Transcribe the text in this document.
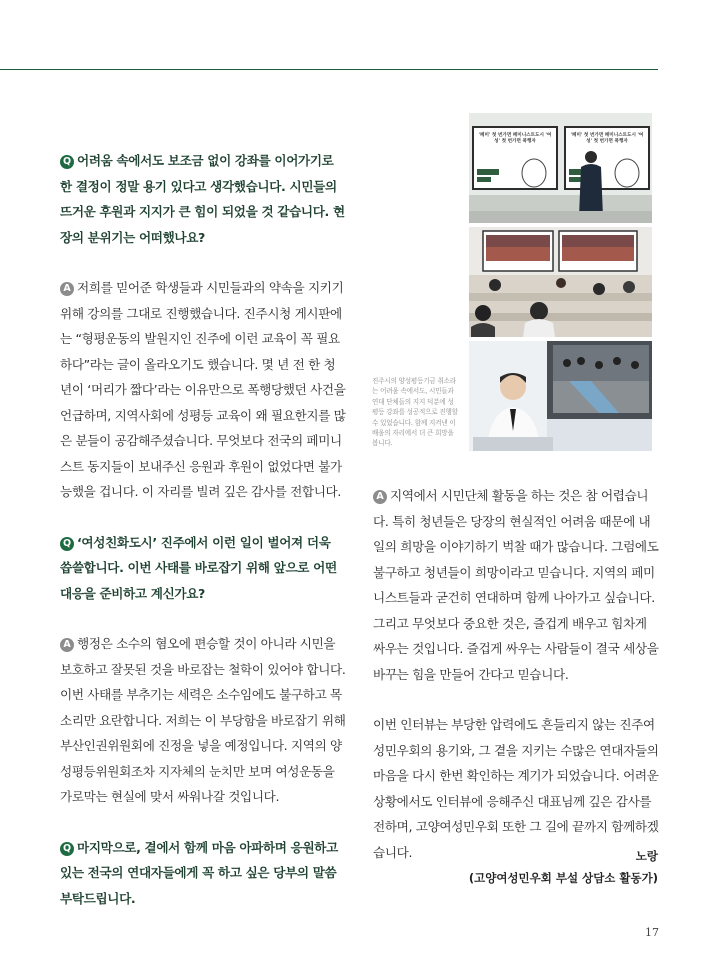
Q 어려움 속에서도 보조금 없이 강좌를 이어가기로 한 결정이 정말 용기 있다고 생각했습니다. 시민들의 뜨거운 후원과 지지가 큰 힘이 되었을 것 같습니다. 현장의 분위기는 어떠했나요?

A 저희를 믿어준 학생들과 시민들과의 약속을 지키기 위해 강의를 그대로 진행했습니다. 진주시청 게시판에는 “형평운동의 발원지인 진주에 이런 교육이 꼭 필요하다”라는 글이 올라오기도 했습니다. 몇 년 전 한 청년이 ‘머리가 짧다’라는 이유만으로 폭행당했던 사건을 언급하며, 지역사회에 성평등 교육이 왜 필요한지를 많은 분들이 공감해주셨습니다. 무엇보다 전국의 페미니스트 동지들이 보내주신 응원과 후원이 없었다면 불가능했을 겁니다. 이 자리를 빌려 깊은 감사를 전합니다.

Q ‘여성친화도시’ 진주에서 이런 일이 벌어져 더욱 씁쓸합니다. 이번 사태를 바로잡기 위해 앞으로 어떤 대응을 준비하고 계신가요?

A 행정은 소수의 혐오에 편승할 것이 아니라 시민을 보호하고 잘못된 것을 바로잡는 철학이 있어야 합니다. 이번 사태를 부추기는 세력은 소수임에도 불구하고 목소리만 요란합니다. 저희는 이 부당함을 바로잡기 위해 부산인권위원회에 진정을 넣을 예정입니다. 지역의 양성평등위원회조차 지자체의 눈치만 보며 여성운동을 가로막는 현실에 맞서 싸워나갈 것입니다.

Q 마지막으로, 곁에서 함께 마음 아파하며 응원하고 있는 전국의 연대자들에게 꼭 하고 싶은 당부의 말씀 부탁드립니다.

'페미' 첫 번가면 페미니스트도시 '여성' 첫 번가면 폭행자
'페미' 첫 번가면 페미니스트도시 '여성' 첫 번가면 폭행자
진주시의 양성평등기금 취소라는 어려움 속에서도, 시민들과 연대 단체들의 지지 덕분에 성평등 강좌를 성공적으로 진행할 수 있었습니다. 함께 지켜낸 이 배움의 자리에서 더 큰 희망을 봅니다.

A 지역에서 시민단체 활동을 하는 것은 참 어렵습니다. 특히 청년들은 당장의 현실적인 어려움 때문에 내일의 희망을 이야기하기 벅찰 때가 많습니다. 그럼에도 불구하고 청년들이 희망이라고 믿습니다. 지역의 페미니스트들과 굳건히 연대하며 함께 나아가고 싶습니다. 그리고 무엇보다 중요한 것은, 즐겁게 배우고 힘차게 싸우는 것입니다. 즐겁게 싸우는 사람들이 결국 세상을 바꾸는 힘을 만들어 간다고 믿습니다.

이번 인터뷰는 부당한 압력에도 흔들리지 않는 진주여성민우회의 용기와, 그 곁을 지키는 수많은 연대자들의 마음을 다시 한번 확인하는 계기가 되었습니다. 어려운 상황에서도 인터뷰에 응해주신 대표님께 깊은 감사를 전하며, 고양여성민우회 또한 그 길에 끝까지 함께하겠습니다.	노랑
(고양여성민우회 부설 상담소 활동가)
17
